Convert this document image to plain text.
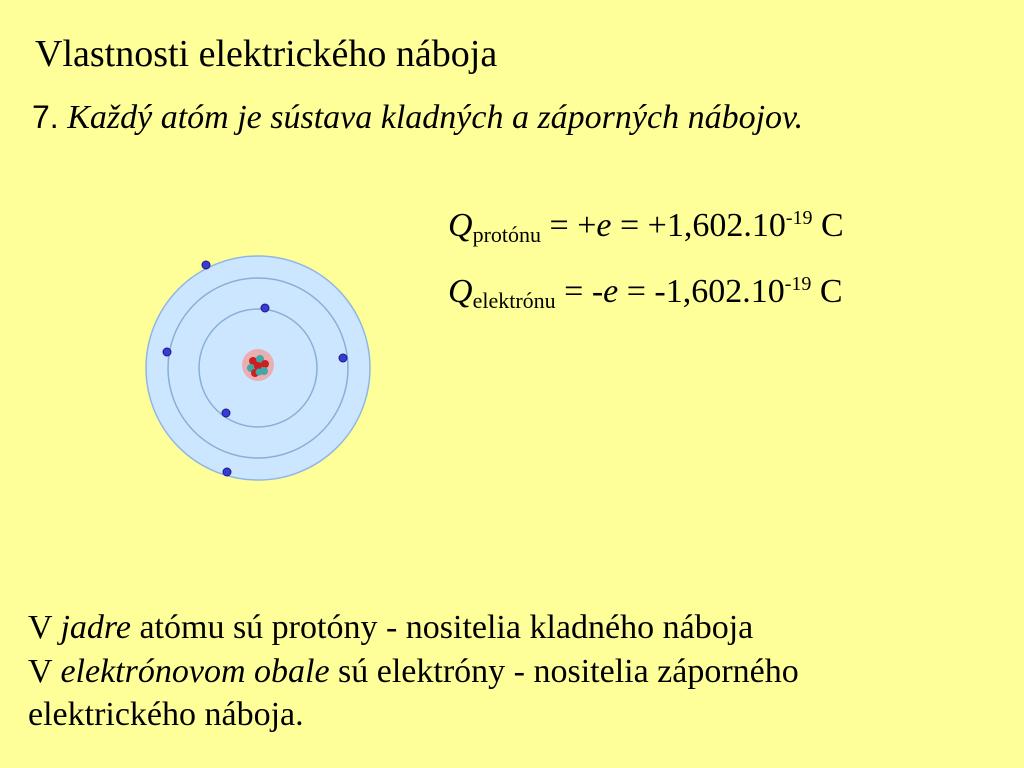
Vlastnosti elektrického náboja
7. Každý atóm je sústava kladných a záporných nábojov.
$Q_{protónu} = +e = +1,602.10^{-19}$ C
$Q_{elektrónu} = -e = -1,602.10^{-19}$ C
V jadre atómu sú protóny - nositelia kladného náboja
V elektrónovom obale sú elektróny - nositelia záporného
elektrického náboja.
